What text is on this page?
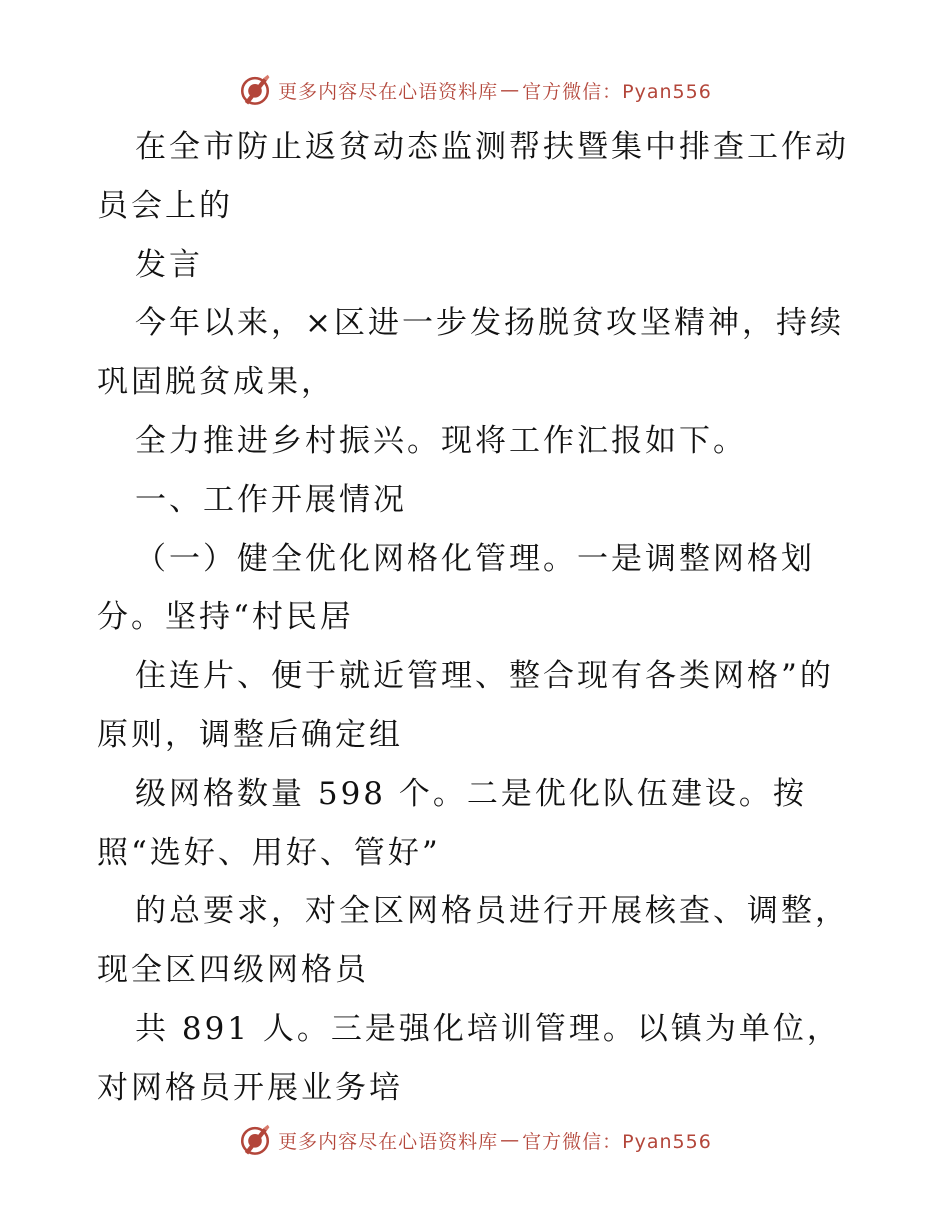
更多内容尽在心语资料库 — 官方微信：Pyan556
在全市防止返贫动态监测帮扶暨集中排查工作动
员会上的
发言
今年以来，×区进一步发扬脱贫攻坚精神，持续
巩固脱贫成果，
全力推进乡村振兴。现将工作汇报如下。
一、工作开展情况
（一）健全优化网格化管理。一是调整网格划
分。坚持“村民居
住连片、便于就近管理、整合现有各类网格”的
原则，调整后确定组
级网格数量 598 个。二是优化队伍建设。按
照“选好、用好、管好”
的总要求，对全区网格员进行开展核查、调整，
现全区四级网格员
共 891 人。三是强化培训管理。以镇为单位，
对网格员开展业务培
更多内容尽在心语资料库 — 官方微信：Pyan556
